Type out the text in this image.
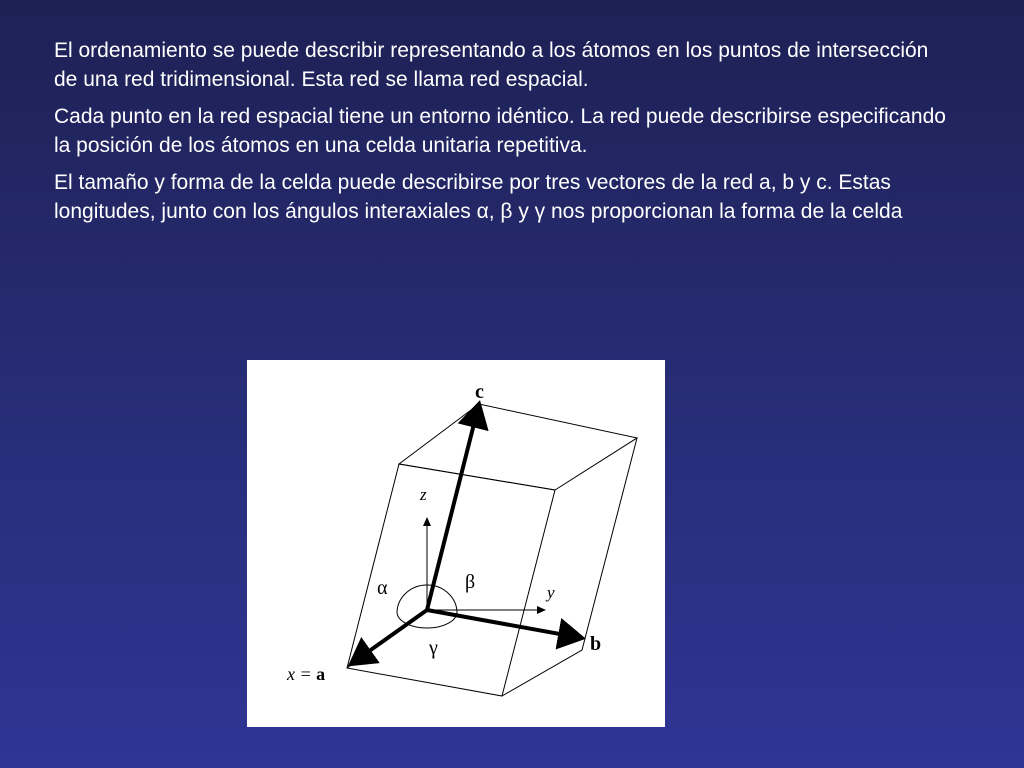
El ordenamiento se puede describir representando a los átomos en los puntos de intersección de una red tridimensional. Esta red se llama red espacial.

Cada punto en la red espacial tiene un entorno idéntico. La red puede describirse especificando la posición de los átomos en una celda unitaria repetitiva.

El tamaño y forma de la celda puede describirse por tres vectores de la red a, b y c. Estas longitudes, junto con los ángulos interaxiales α, β y γ nos proporcionan la forma de la celda

c
z
y
b
x = a
α	β
γ
